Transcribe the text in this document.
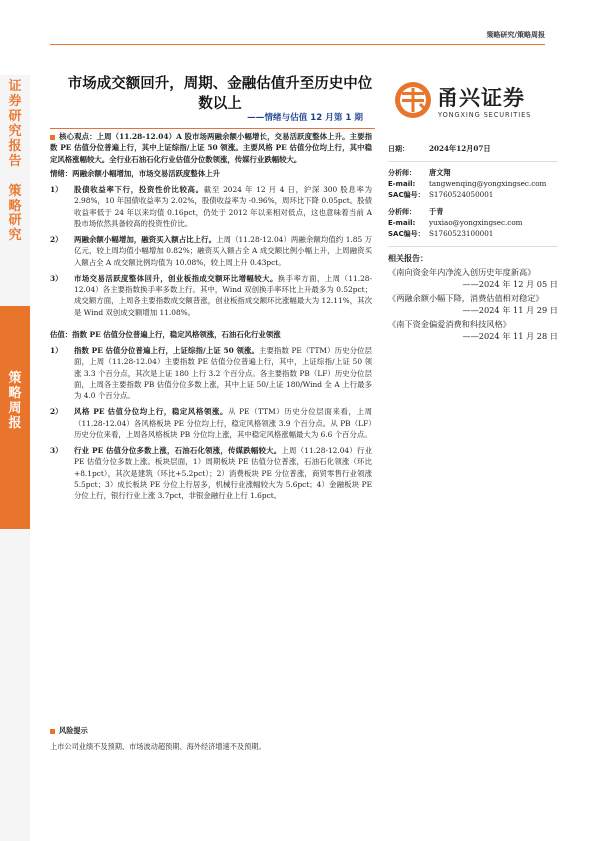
策略研究/策略周报
证
券
研
究
报
告

策
略
研
究
策
略
周
报
市场成交额回升，周期、金融估值升至历史中位
数以上
——情绪与估值 12 月第 1 期
甬兴证券
YONGXING SECURITIES
核心观点：上周（11.28-12.04）A 股市场两融余额小幅增长，交易活跃度整体上升。主要指数 PE 估值分位普遍上行，其中上证综指/上证 50 领涨。主要风格 PE 估值分位均上行，其中稳定风格涨幅较大。全行业石油石化行业估值分位数领涨，传媒行业跌幅较大。
情绪：两融余额小幅增加，市场交易活跃度整体上升
1） 股债收益率下行，投资性价比较高。截至 2024 年 12 月 4 日，沪深 300 股息率为 2.98%，10 年国债收益率为 2.02%，股债收益率为 -0.96%，周环比下降 0.05pct。股债收益率低于 24 年以来均值 0.16pct，仍处于 2012 年以来相对低点，这也意味着当前 A 股市场依然具备较高的投资性价比。
2） 两融余额小幅增加，融资买入额占比上行。上周（11.28-12.04）两融余额均值约 1.85 万亿元，较上周均值小幅增加 0.82%；融资买入额占全 A 成交额比例小幅上升，上周融资买入额占全 A 成交额比例均值为 10.08%，较上周上升 0.43pct。
3） 市场交易活跃度整体回升，创业板指成交额环比增幅较大。换手率方面，上周（11.28-12.04）各主要指数换手率多数上行。其中，Wind 双创换手率环比上升最多为 0.52pct；成交额方面，上周各主要指数成交额普涨，创业板指成交额环比涨幅最大为 12.11%，其次是 Wind 双创成交额增加 11.08%。
估值：指数 PE 估值分位普遍上行，稳定风格领涨，石油石化行业领涨
1） 指数 PE 估值分位普遍上行，上证综指/上证 50 领涨。主要指数 PE（TTM）历史分位层面，上周（11.28-12.04）主要指数 PE 估值分位普遍上行，其中，上证综指/上证 50 领涨 3.3 个百分点，其次是上证 180 上行 3.2 个百分点。各主要指数 PB（LF）历史分位层面，上周各主要指数 PB 估值分位多数上涨，其中上证 50/上证 180/Wind 全 A 上行最多为 4.0 个百分点。
2） 风格 PE 估值分位均上行，稳定风格领涨。从 PE（TTM）历史分位层面来看，上周（11.28-12.04）各风格板块 PE 分位均上行，稳定风格领涨 3.9 个百分点。从 PB（LF）历史分位来看，上周各风格板块 PB 分位均上涨，其中稳定风格涨幅最大为 6.6 个百分点。
3） 行业 PE 估值分位多数上涨，石油石化领涨，传媒跌幅较大。上周（11.28-12.04）行业 PE 估值分位多数上涨。板块层面，1）周期板块 PE 估值分位普涨，石油石化领涨（环比+8.1pct），其次是建筑（环比+5.2pct）；2）消费板块 PE 分位普涨，商贸零售行业领涨 5.5pct；3）成长板块 PE 分位上行居多，机械行业涨幅较大为 5.6pct；4）金融板块 PE 分位上行，银行行业上涨 3.7pct，非银金融行业上行 1.6pct。
日期：	2024年12月07日
分析师： 唐文翔
E-mail: tangwenqing@yongxingsec.com
SAC编号： S1760524050001
分析师： 于青
E-mail: yuxiao@yongxingsec.com
SAC编号： S1760523100001
相关报告：
《南向资金年内净流入创历史年度新高》
——2024 年 12 月 05 日
《两融余额小幅下降，消费估值相对稳定》
——2024 年 11 月 29 日
《南下资金偏爱消费和科技风格》
——2024 年 11 月 28 日
风险提示
上市公司业绩不及预期、市场波动超预期、海外经济增速不及预期。
